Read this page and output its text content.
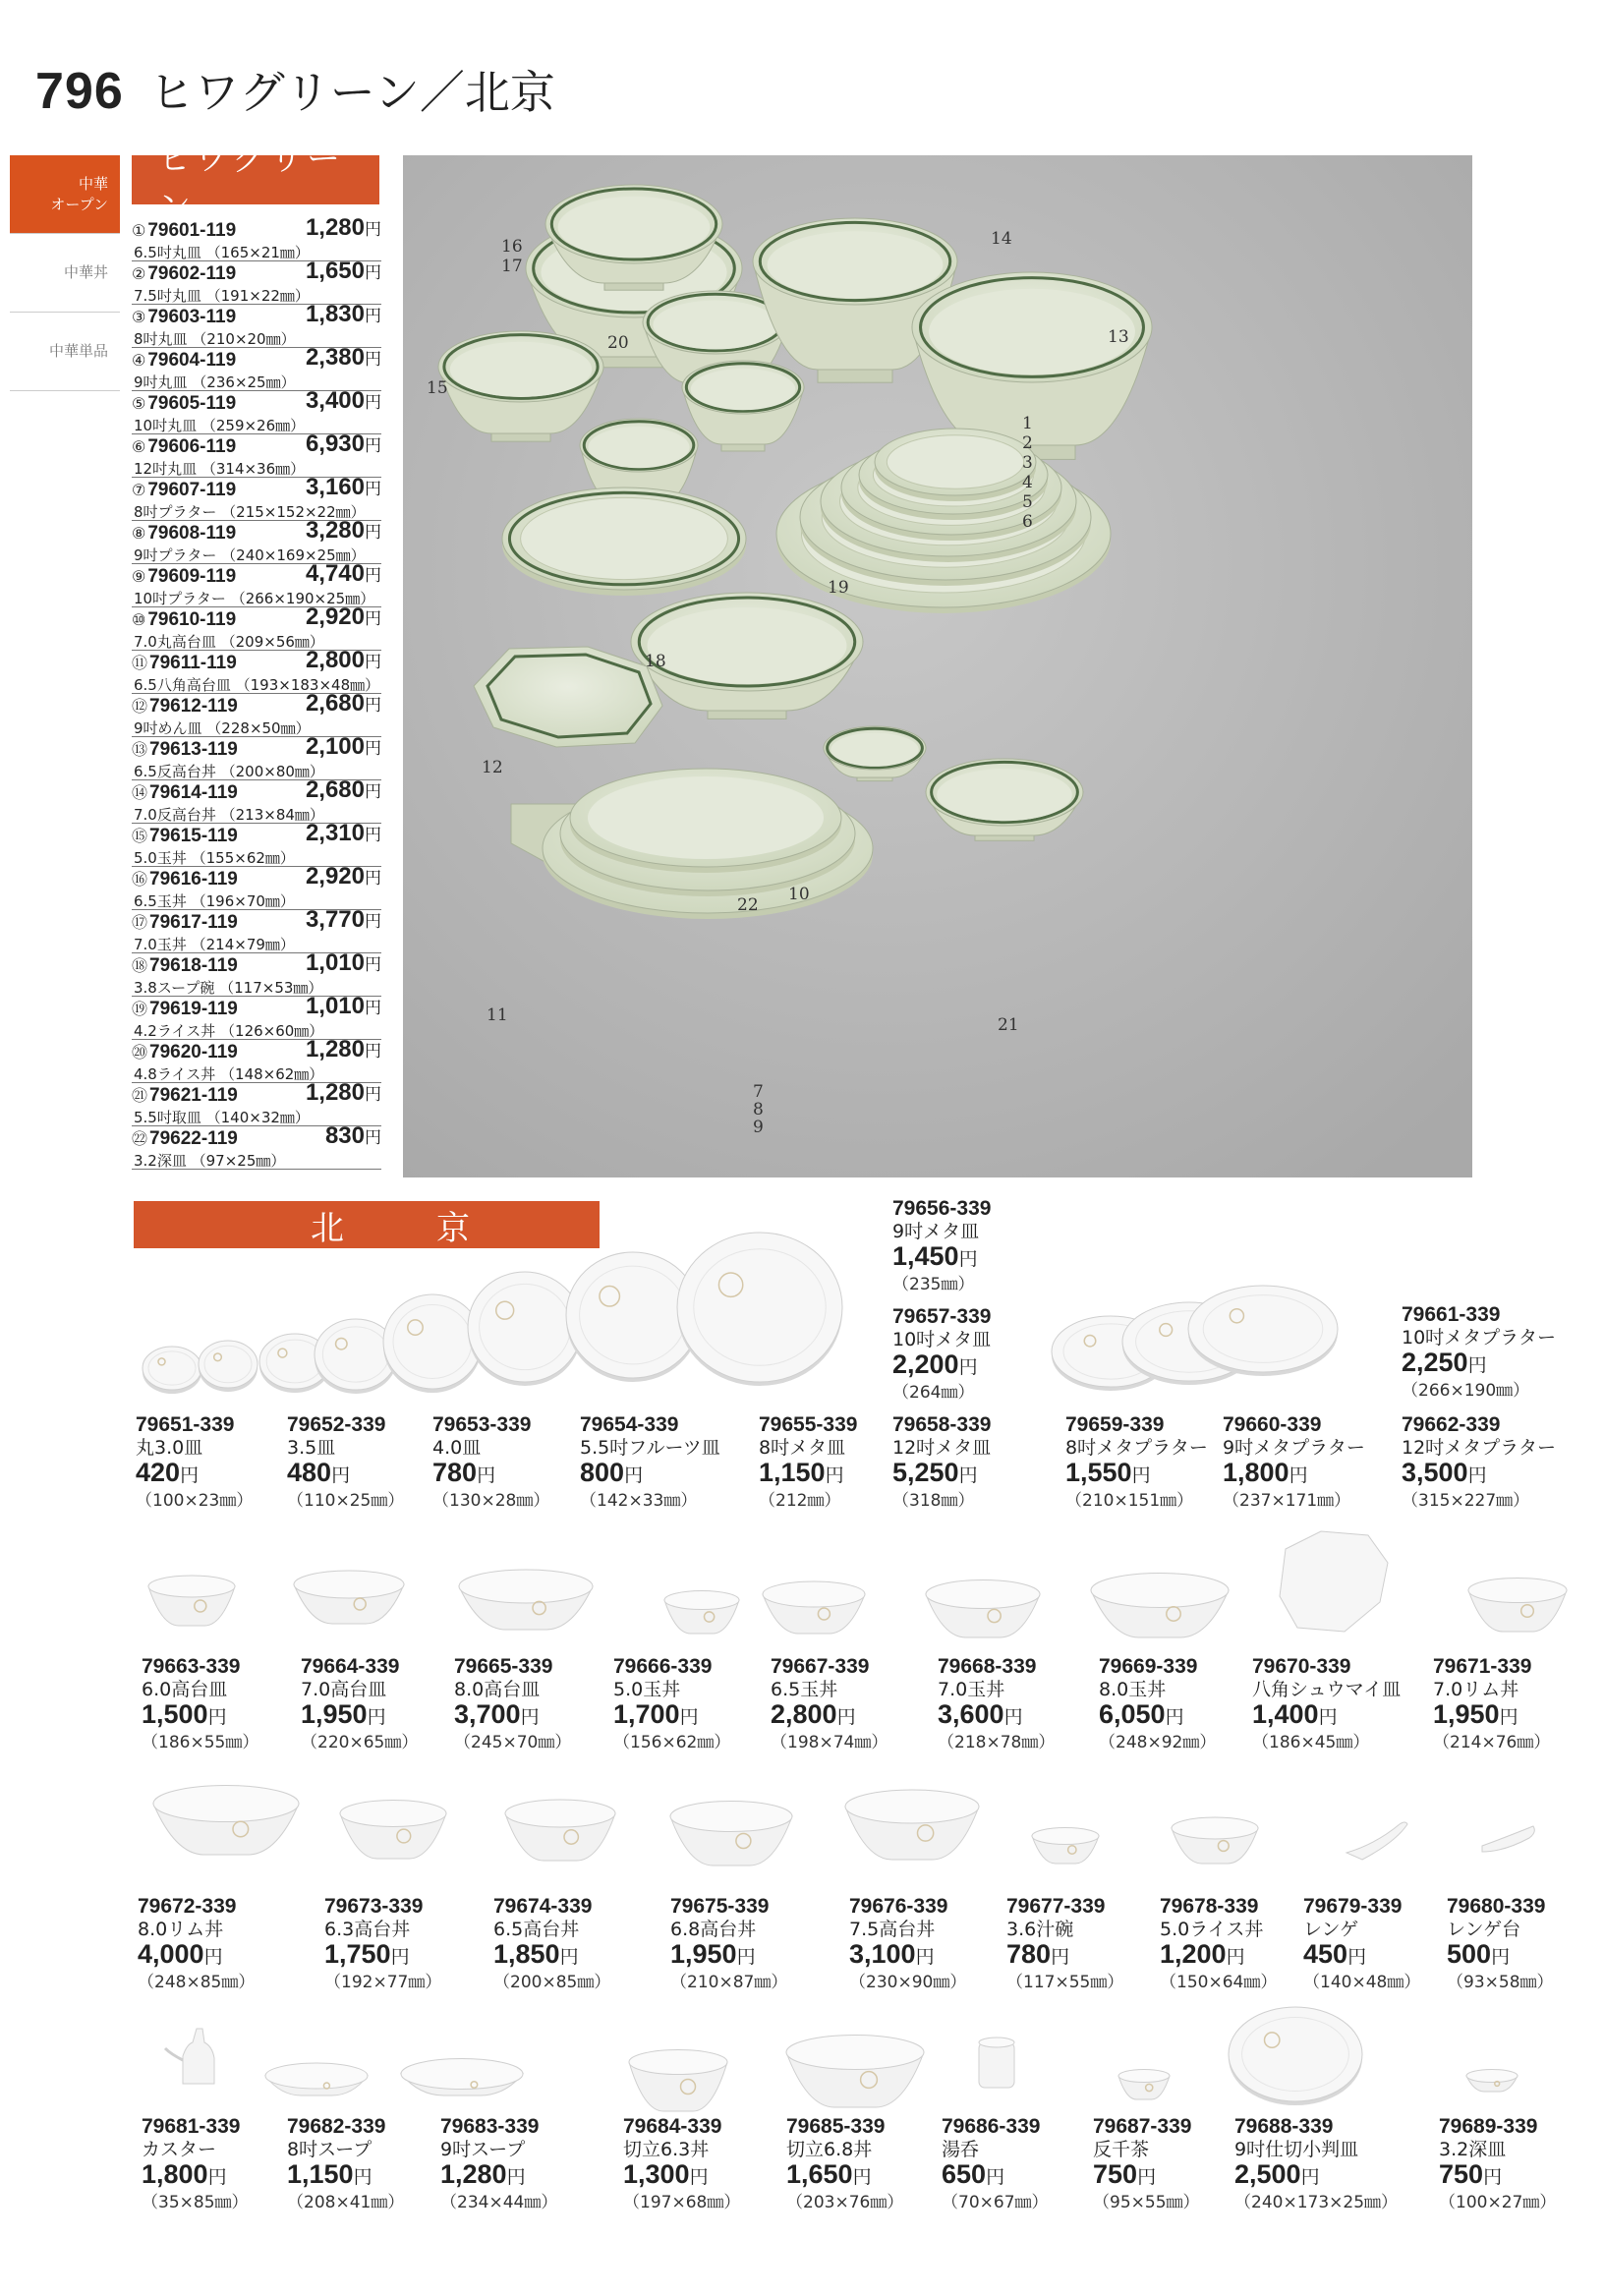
796 ヒワグリーン／北京
中華
オープン
中華丼
中華単品
ヒワグリーン
① 79601-119	1,280円
6.5吋丸皿 （165×21㎜）
② 79602-119	1,650円
7.5吋丸皿 （191×22㎜）
③ 79603-119	1,830円
8吋丸皿 （210×20㎜）
④ 79604-119	2,380円
9吋丸皿 （236×25㎜）
⑤ 79605-119	3,400円
10吋丸皿 （259×26㎜）
⑥ 79606-119	6,930円
12吋丸皿 （314×36㎜）
⑦ 79607-119	3,160円
8吋プラター （215×152×22㎜）
⑧ 79608-119	3,280円
9吋プラター （240×169×25㎜）
⑨ 79609-119	4,740円
10吋プラター （266×190×25㎜）
⑩ 79610-119	2,920円
7.0丸高台皿 （209×56㎜）
⑪ 79611-119	2,800円
6.5八角高台皿 （193×183×48㎜）
⑫ 79612-119	2,680円
9吋めん皿 （228×50㎜）
⑬ 79613-119	2,100円
6.5反高台丼 （200×80㎜）
⑭ 79614-119	2,680円
7.0反高台丼 （213×84㎜）
⑮ 79615-119	2,310円
5.0玉丼 （155×62㎜）
⑯ 79616-119	2,920円
6.5玉丼 （196×70㎜）
⑰ 79617-119	3,770円
7.0玉丼 （214×79㎜）
⑱ 79618-119	1,010円
3.8スープ碗 （117×53㎜）
⑲ 79619-119	1,010円
4.2ライス丼 （126×60㎜）
⑳ 79620-119	1,280円
4.8ライス丼 （148×62㎜）
㉑ 79621-119	1,280円
5.5吋取皿 （140×32㎜）
㉒ 79622-119	830円
3.2深皿 （97×25㎜）
16
17
14
13
15
20
19
18
12
1
2
3
4
5
6
10
22
11	21
7
8
9
北　京	79656-339
9吋メタ皿
1,450円
（235㎜）
79657-339
10吋メタ皿
2,200円
（264㎜）
79661-339
10吋メタプラター
2,250円
（266×190㎜）
79651-339
丸3.0皿
420円
（100×23㎜）
79652-339
3.5皿
480円
（110×25㎜）
79653-339
4.0皿
780円
（130×28㎜）
79654-339
5.5吋フルーツ皿
800円
（142×33㎜）
79655-339
8吋メタ皿
1,150円
（212㎜）
79658-339
12吋メタ皿
5,250円
（318㎜）
79659-339
8吋メタプラター
1,550円
（210×151㎜）
79660-339
9吋メタプラター
1,800円
（237×171㎜）
79662-339
12吋メタプラター
3,500円
（315×227㎜）
79663-339
6.0高台皿
1,500円
（186×55㎜）
79664-339
7.0高台皿
1,950円
（220×65㎜）
79665-339
8.0高台皿
3,700円
（245×70㎜）
79666-339
5.0玉丼
1,700円
（156×62㎜）
79667-339
6.5玉丼
2,800円
（198×74㎜）
79668-339
7.0玉丼
3,600円
（218×78㎜）
79669-339
8.0玉丼
6,050円
（248×92㎜）
79670-339
八角シュウマイ皿
1,400円
（186×45㎜）
79671-339
7.0リム丼
1,950円
（214×76㎜）
79672-339
8.0リム丼
4,000円
（248×85㎜）
79673-339
6.3高台丼
1,750円
（192×77㎜）
79674-339
6.5高台丼
1,850円
（200×85㎜）
79675-339
6.8高台丼
1,950円
（210×87㎜）
79676-339
7.5高台丼
3,100円
（230×90㎜）
79677-339
3.6汁碗
780円
（117×55㎜）
79678-339
5.0ライス丼
1,200円
（150×64㎜）
79679-339
レンゲ
450円
（140×48㎜）
79680-339
レンゲ台
500円
（93×58㎜）
79681-339
カスター
1,800円
（35×85㎜）
79682-339
8吋スープ
1,150円
（208×41㎜）
79683-339
9吋スープ
1,280円
（234×44㎜）
79684-339
切立6.3丼
1,300円
（197×68㎜）
79685-339
切立6.8丼
1,650円
（203×76㎜）
79686-339
湯呑
650円
（70×67㎜）
79687-339
反千茶
750円
（95×55㎜）
79688-339
9吋仕切小判皿
2,500円
（240×173×25㎜）
79689-339
3.2深皿
750円
（100×27㎜）
